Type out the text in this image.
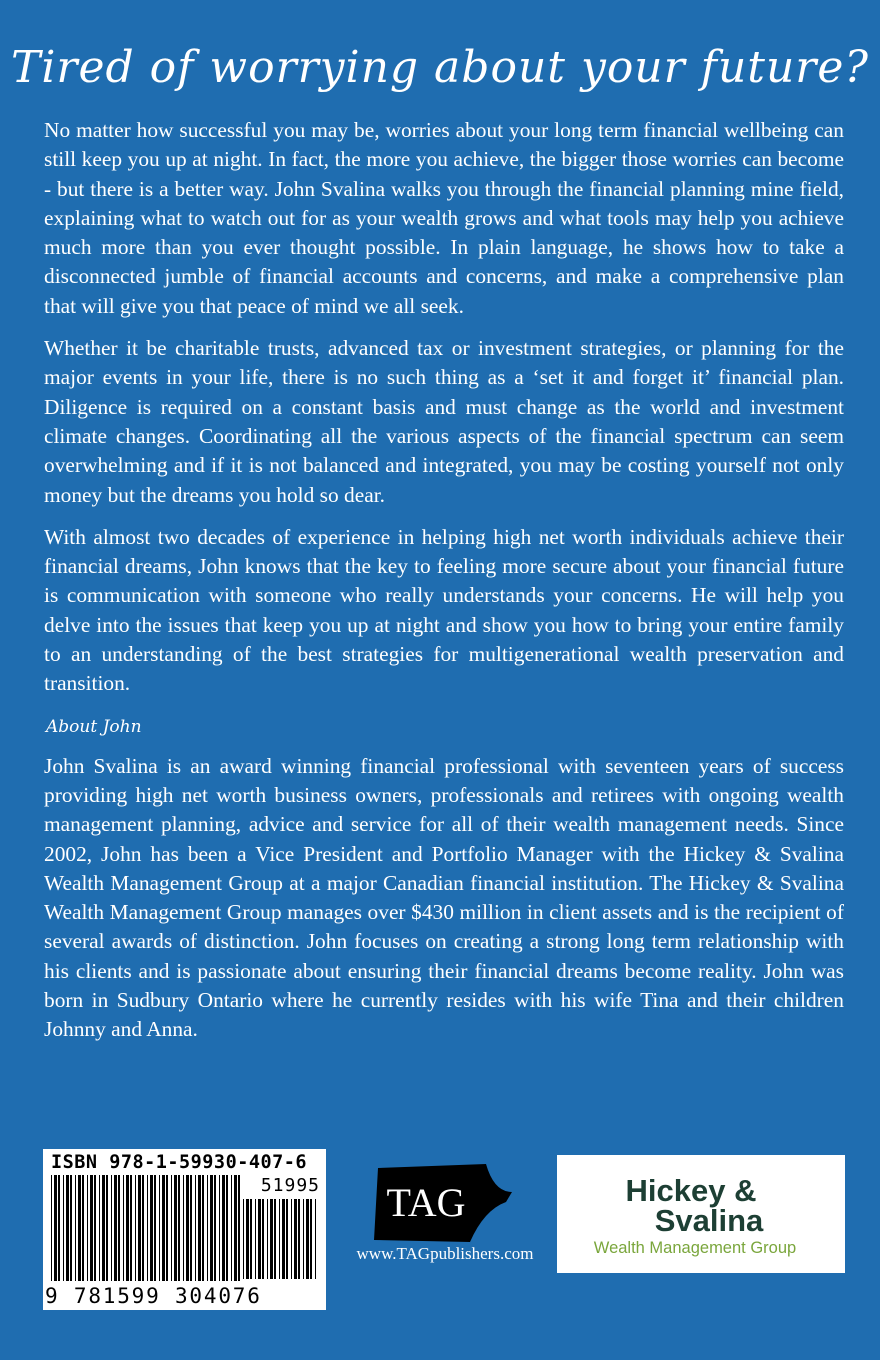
Tired of worrying about your future?

No matter how successful you may be, worries about your long term financial wellbeing can still keep you up at night. In fact, the more you achieve, the bigger those worries can become - but there is a better way. John Svalina walks you through the financial planning mine field, explaining what to watch out for as your wealth grows and what tools may help you achieve much more than you ever thought possible. In plain language, he shows how to take a disconnected jumble of financial accounts and concerns, and make a comprehensive plan that will give you that peace of mind we all seek.

Whether it be charitable trusts, advanced tax or investment strategies, or planning for the major events in your life, there is no such thing as a ‘set it and forget it’ financial plan. Diligence is required on a constant basis and must change as the world and investment climate changes. Coordinating all the various aspects of the financial spectrum can seem overwhelming and if it is not balanced and integrated, you may be costing yourself not only money but the dreams you hold so dear.

With almost two decades of experience in helping high net worth individuals achieve their financial dreams, John knows that the key to feeling more secure about your financial future is communication with someone who really understands your concerns. He will help you delve into the issues that keep you up at night and show you how to bring your entire family to an understanding of the best strategies for multigenerational wealth preservation and transition.

About John

John Svalina is an award winning financial professional with seventeen years of success providing high net worth business owners, professionals and retirees with ongoing wealth management planning, advice and service for all of their wealth management needs. Since 2002, John has been a Vice President and Portfolio Manager with the Hickey & Svalina Wealth Management Group at a major Canadian financial institution. The Hickey & Svalina Wealth Management Group manages over $430 million in client assets and is the recipient of several awards of distinction. John focuses on creating a strong long term relationship with his clients and is passionate about ensuring their financial dreams become reality. John was born in Sudbury Ontario where he currently resides with his wife Tina and their children Johnny and Anna.

ISBN 978-1-59930-407-6
51995
9 781599 304076
TAG
www.TAGpublishers.com
Hickey &
Svalina
Wealth Management Group
